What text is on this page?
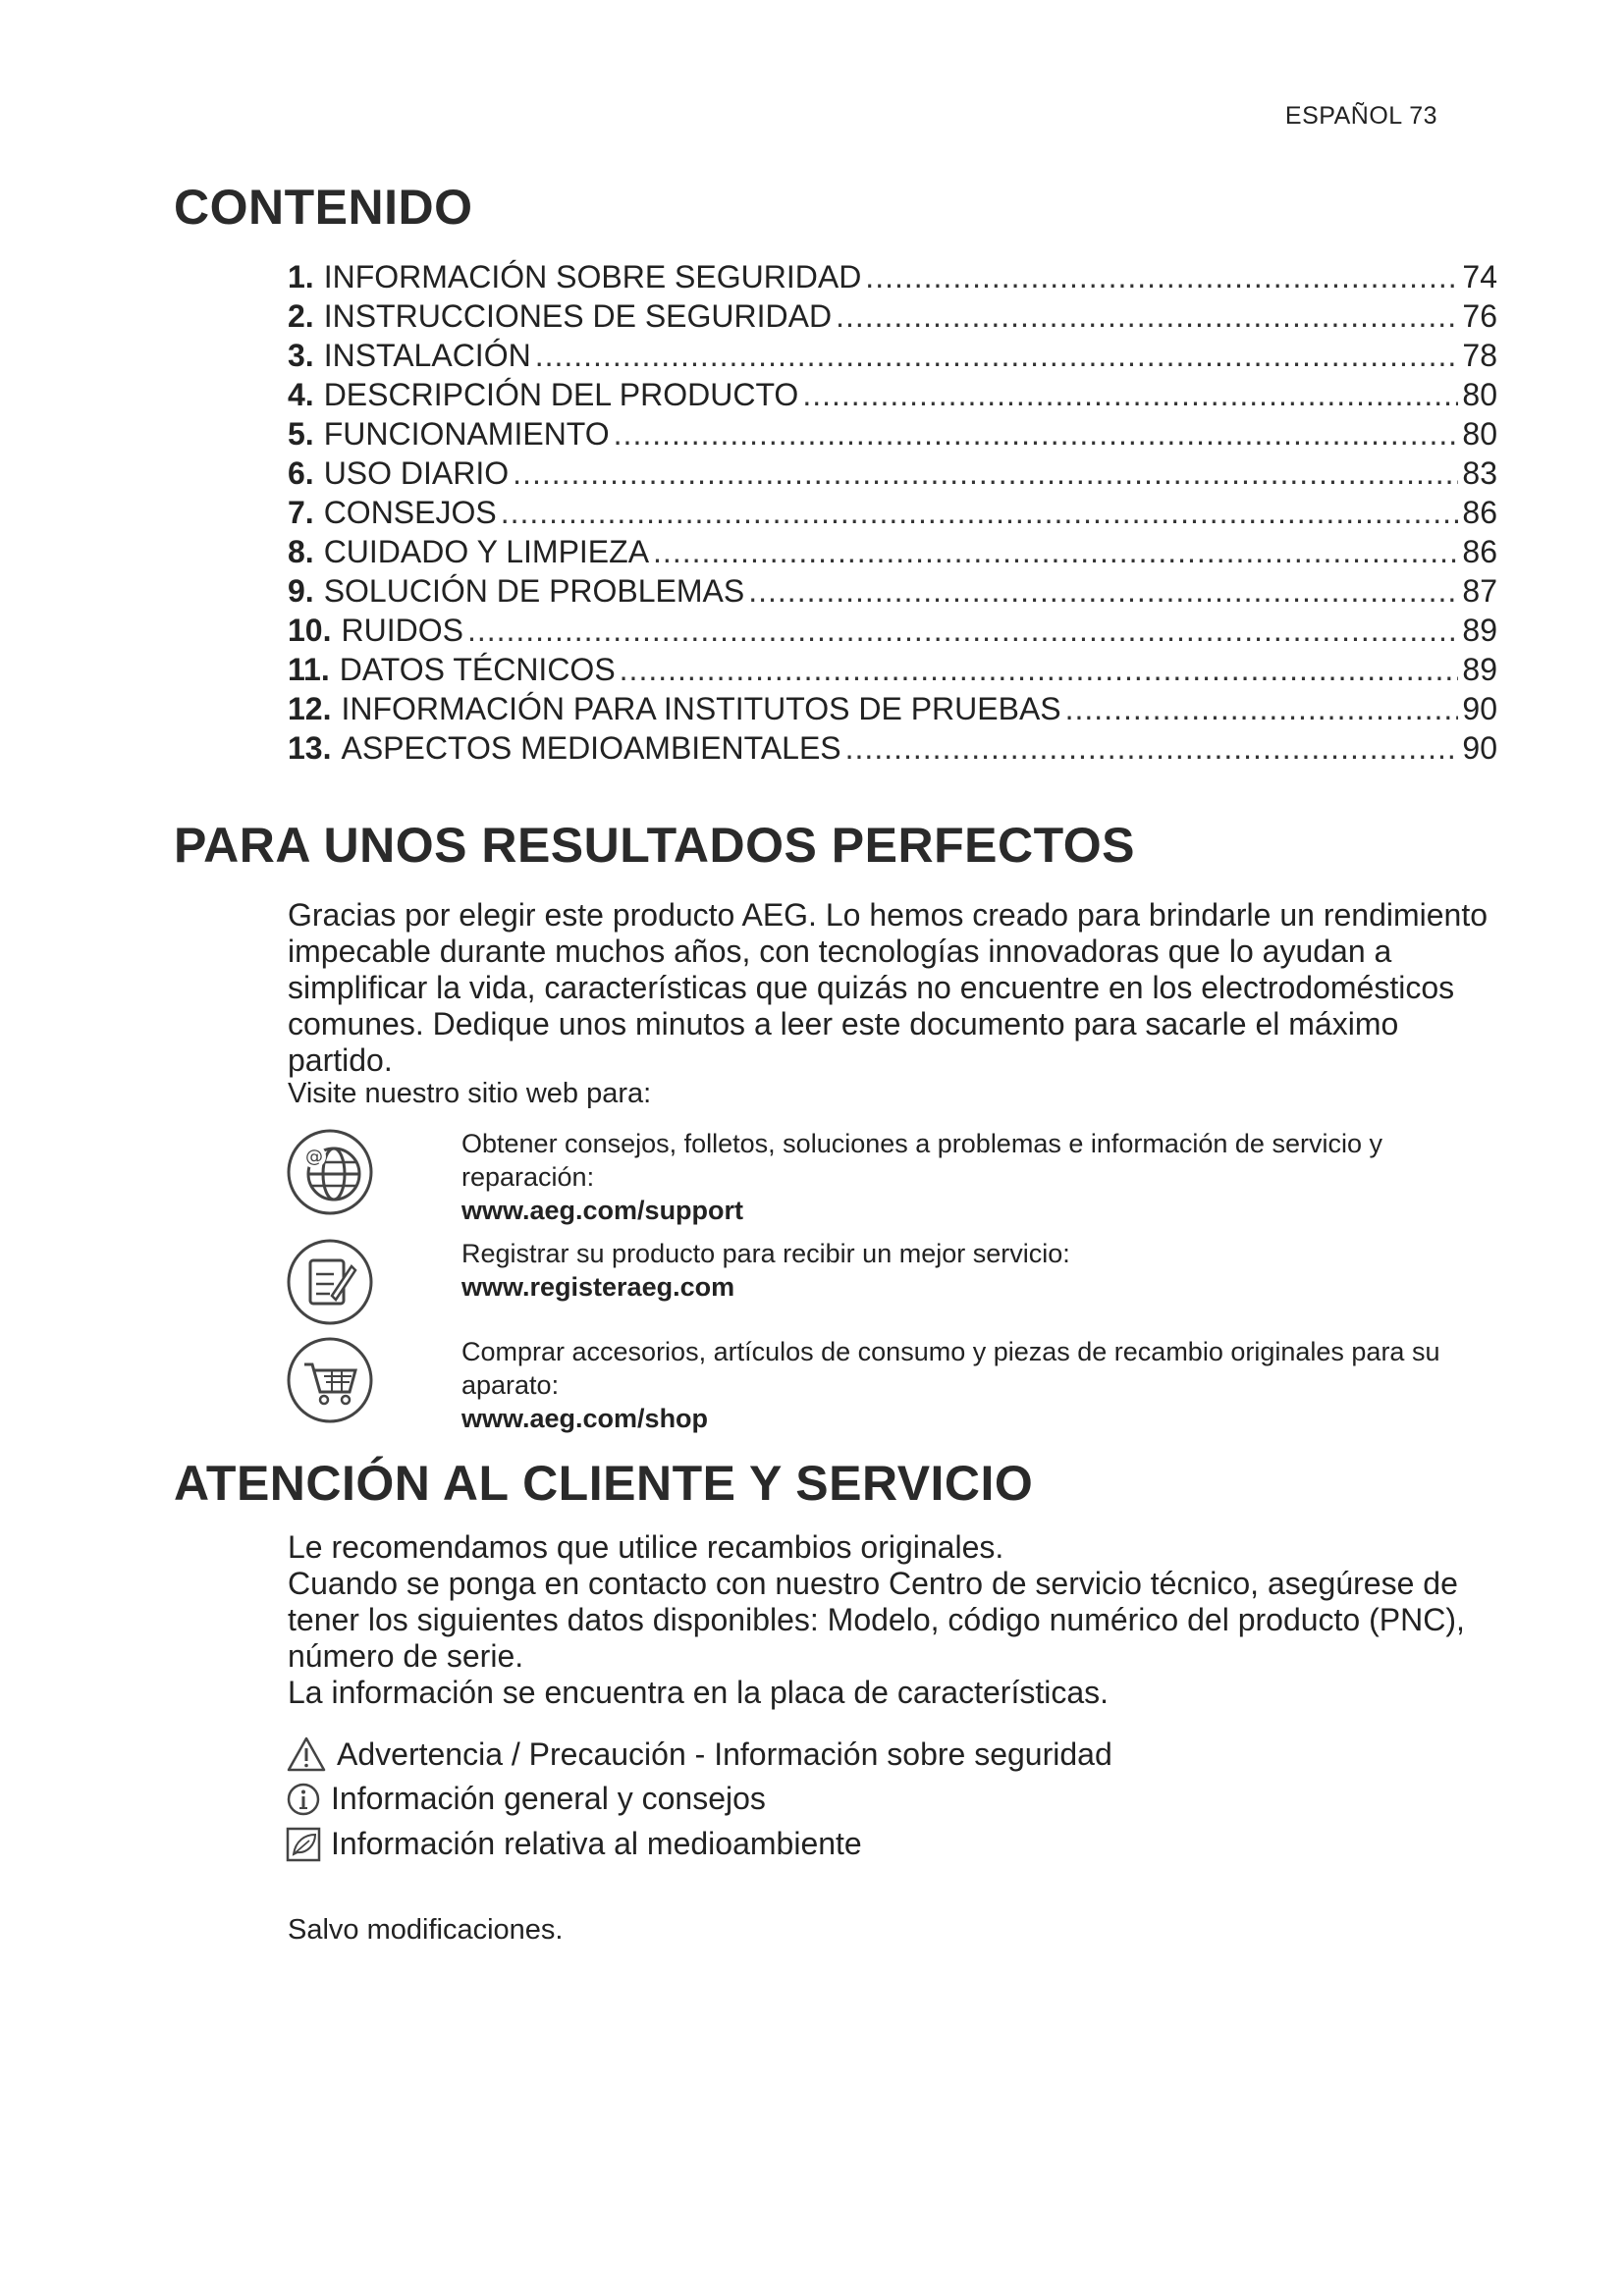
ESPAÑOL 73
CONTENIDO
1. INFORMACIÓN SOBRE SEGURIDAD .....	74
2. INSTRUCCIONES DE SEGURIDAD .....	76
3. INSTALACIÓN .....	78
4. DESCRIPCIÓN DEL PRODUCTO .....	80
5. FUNCIONAMIENTO .....	80
6. USO DIARIO .....	83
7. CONSEJOS .....	86
8. CUIDADO Y LIMPIEZA .....	86
9. SOLUCIÓN DE PROBLEMAS .....	87
10. RUIDOS .....	89
11. DATOS TÉCNICOS .....	89
12. INFORMACIÓN PARA INSTITUTOS DE PRUEBAS .....	90
13. ASPECTOS MEDIOAMBIENTALES .....	90
PARA UNOS RESULTADOS PERFECTOS
Gracias por elegir este producto AEG. Lo hemos creado para brindarle un rendimiento impecable durante muchos años, con tecnologías innovadoras que lo ayudan a simplificar la vida, características que quizás no encuentre en los electrodomésticos comunes. Dedique unos minutos a leer este documento para sacarle el máximo partido.
Visite nuestro sitio web para:
@	Obtener consejos, folletos, soluciones a problemas e información de servicio y reparación:
www.aeg.com/support
Registrar su producto para recibir un mejor servicio:
www.registeraeg.com
Comprar accesorios, artículos de consumo y piezas de recambio originales para su aparato:
www.aeg.com/shop
ATENCIÓN AL CLIENTE Y SERVICIO
Le recomendamos que utilice recambios originales.
Cuando se ponga en contacto con nuestro Centro de servicio técnico, asegúrese de tener los siguientes datos disponibles: Modelo, código numérico del producto (PNC), número de serie.
La información se encuentra en la placa de características.
Advertencia / Precaución - Información sobre seguridad
Información general y consejos
Información relativa al medioambiente
Salvo modificaciones.
